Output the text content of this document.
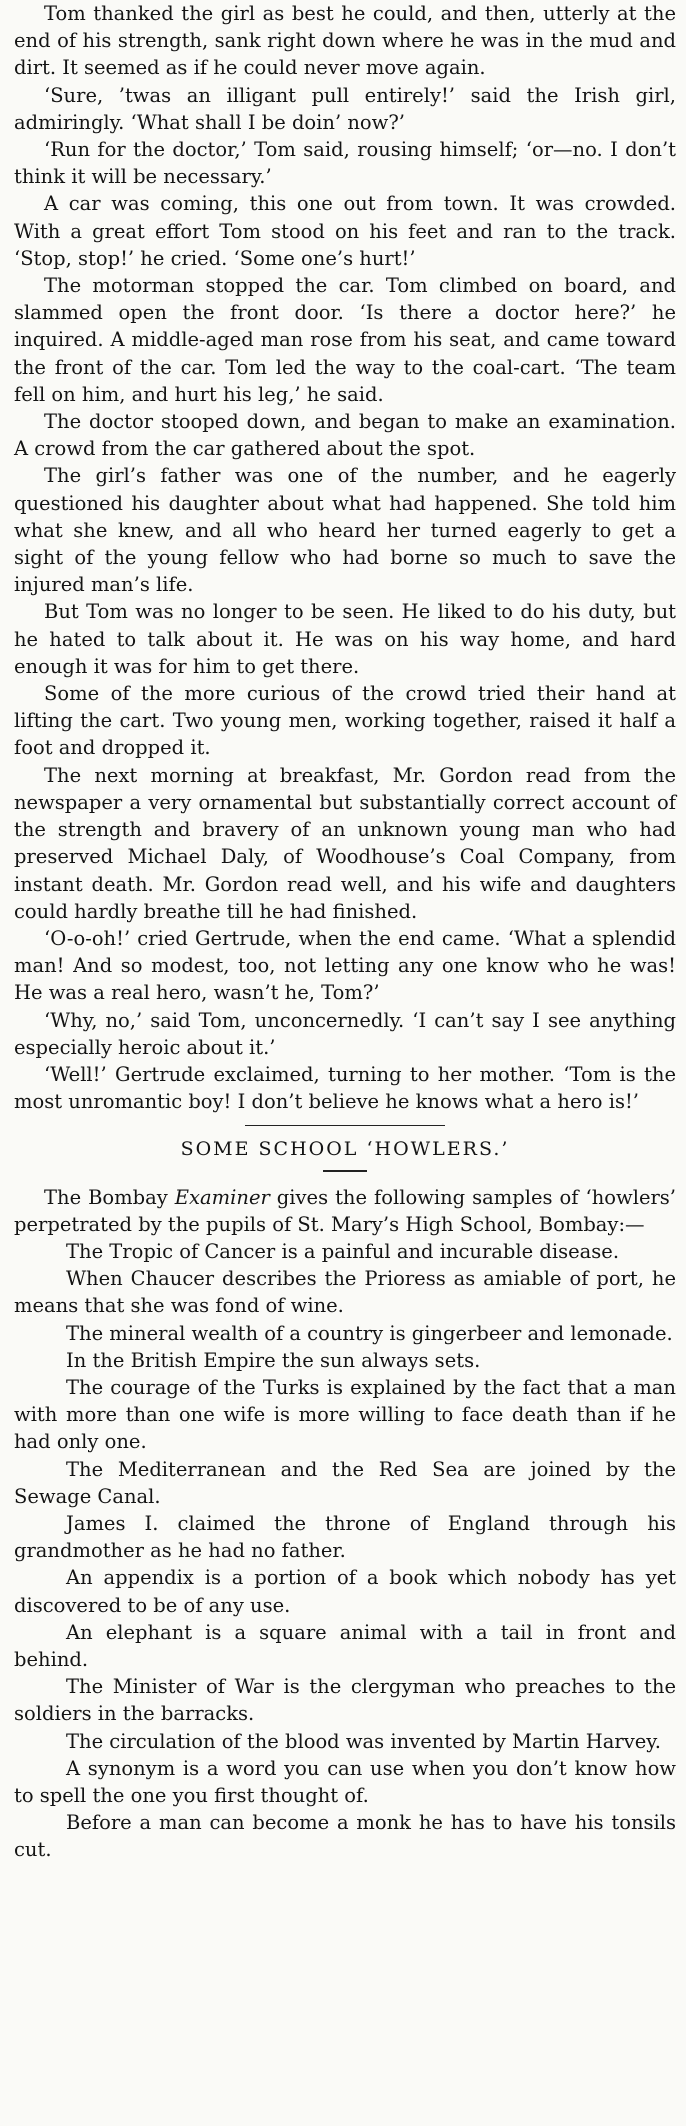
Tom thanked the girl as best he could, and then, utterly at the end of his strength, sank right down where he was in the mud and dirt. It seemed as if he could never move again.

‘Sure, ’twas an illigant pull entirely!’ said the Irish girl, admiringly. ‘What shall I be doin’ now?’

‘Run for the doctor,’ Tom said, rousing himself; ‘or—no. I don’t think it will be necessary.’

A car was coming, this one out from town. It was crowded. With a great effort Tom stood on his feet and ran to the track. ‘Stop, stop!’ he cried. ‘Some one’s hurt!’

The motorman stopped the car. Tom climbed on board, and slammed open the front door. ‘Is there a doctor here?’ he inquired. A middle-aged man rose from his seat, and came toward the front of the car. Tom led the way to the coal-cart. ‘The team fell on him, and hurt his leg,’ he said.

The doctor stooped down, and began to make an examination. A crowd from the car gathered about the spot.

The girl’s father was one of the number, and he eagerly questioned his daughter about what had happened. She told him what she knew, and all who heard her turned eagerly to get a sight of the young fellow who had borne so much to save the injured man’s life.

But Tom was no longer to be seen. He liked to do his duty, but he hated to talk about it. He was on his way home, and hard enough it was for him to get there.

Some of the more curious of the crowd tried their hand at lifting the cart. Two young men, working together, raised it half a foot and dropped it.

The next morning at breakfast, Mr. Gordon read from the newspaper a very ornamental but substantially correct account of the strength and bravery of an unknown young man who had preserved Michael Daly, of Woodhouse’s Coal Company, from instant death. Mr. Gordon read well, and his wife and daughters could hardly breathe till he had finished.

‘O-o-oh!’ cried Gertrude, when the end came. ‘What a splendid man! And so modest, too, not letting any one know who he was! He was a real hero, wasn’t he, Tom?’

‘Why, no,’ said Tom, unconcernedly. ‘I can’t say I see anything especially heroic about it.’

‘Well!’ Gertrude exclaimed, turning to her mother. ‘Tom is the most unromantic boy! I don’t believe he knows what a hero is!’

SOME SCHOOL ‘HOWLERS.’

The Bombay Examiner gives the following samples of ‘howlers’ perpetrated by the pupils of St. Mary’s High School, Bombay:—

The Tropic of Cancer is a painful and incurable disease.

When Chaucer describes the Prioress as amiable of port, he means that she was fond of wine.

The mineral wealth of a country is gingerbeer and lemonade.

In the British Empire the sun always sets.

The courage of the Turks is explained by the fact that a man with more than one wife is more willing to face death than if he had only one.

The Mediterranean and the Red Sea are joined by the Sewage Canal.

James I. claimed the throne of England through his grandmother as he had no father.

An appendix is a portion of a book which nobody has yet discovered to be of any use.

An elephant is a square animal with a tail in front and behind.

The Minister of War is the clergyman who preaches to the soldiers in the barracks.

The circulation of the blood was invented by Martin Harvey.

A synonym is a word you can use when you don’t know how to spell the one you first thought of.

Before a man can become a monk he has to have his tonsils cut.
